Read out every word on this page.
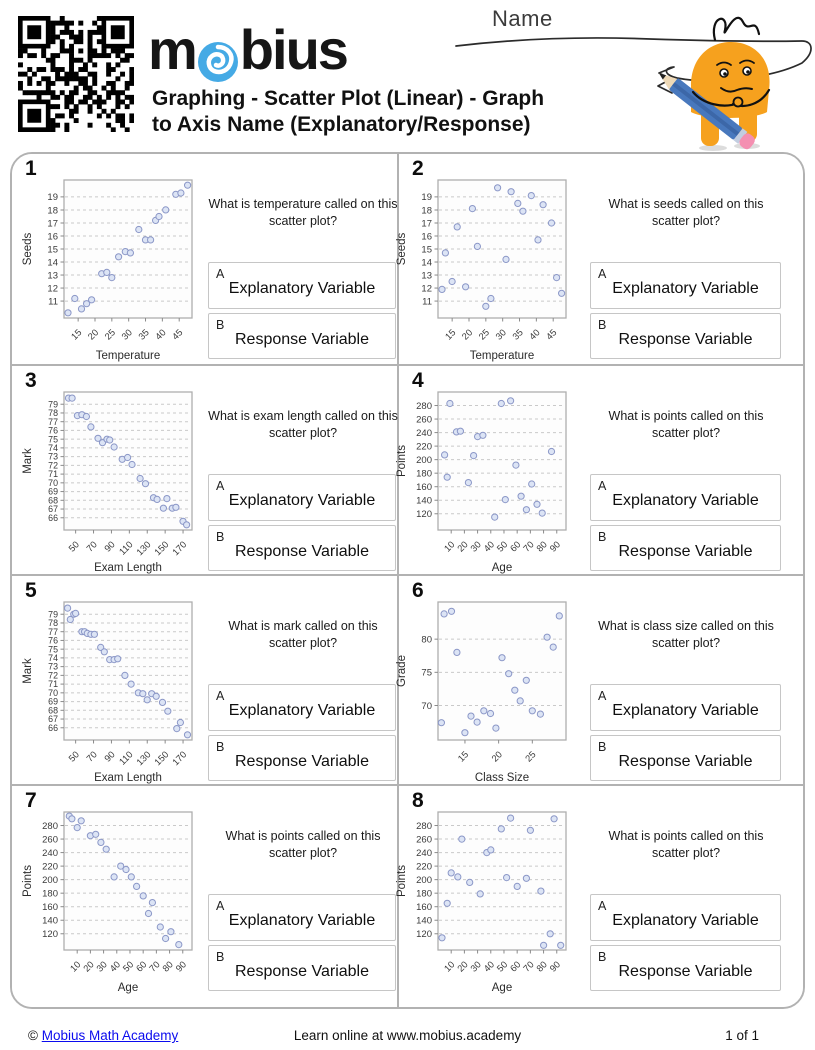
m bius
Graphing - Scatter Plot (Linear) - Graph
to Axis Name (Explanatory/Response)
Name
1
11
12
13
14
15
16
17
18
19
15 20 25 30 35 40 45
Temperature
Seeds
What is temperature called on this scatter plot?
A
Explanatory Variable
B
Response Variable
2
11
12
13
14
15
16
17
18
19
15 20 25 30 35 40 45
Temperature
Seeds
What is seeds called on this scatter plot?
A
Explanatory Variable
B
Response Variable
3
66
67
68
69
70
71
72
73
74
75
76
77
78
79
50 70 90 110 130 150 170
Exam Length
Mark
What is exam length called on this scatter plot?
A
Explanatory Variable
B
Response Variable
4
120
140
160
180
200
220
240
260
280
10
20
30
40
50
60
70
80
90
Age
Points
What is points called on this scatter plot?
A
Explanatory Variable
B
Response Variable
5
66
67
68
69
70
71
72
73
74
75
76
77
78
79
50 70 90 110 130 150 170
Exam Length
Mark
What is mark called on this scatter plot?
A
Explanatory Variable
B
Response Variable
6
70
75
80
15 20 25
Class Size
Grade
What is class size called on this scatter plot?
A
Explanatory Variable
B
Response Variable
7
120
140
160
180
200
220
240
260
280
10
20
30
40
50
60
70
80
90
Age
Points
What is points called on this scatter plot?
A
Explanatory Variable
B
Response Variable
8
120
140
160
180
200
220
240
260
280
10
20
30
40
50
60
70
80
90
Age
Points
What is points called on this scatter plot?
A
Explanatory Variable
B
Response Variable
© Mobius Math Academy	Learn online at www.mobius.academy	1 of 1
